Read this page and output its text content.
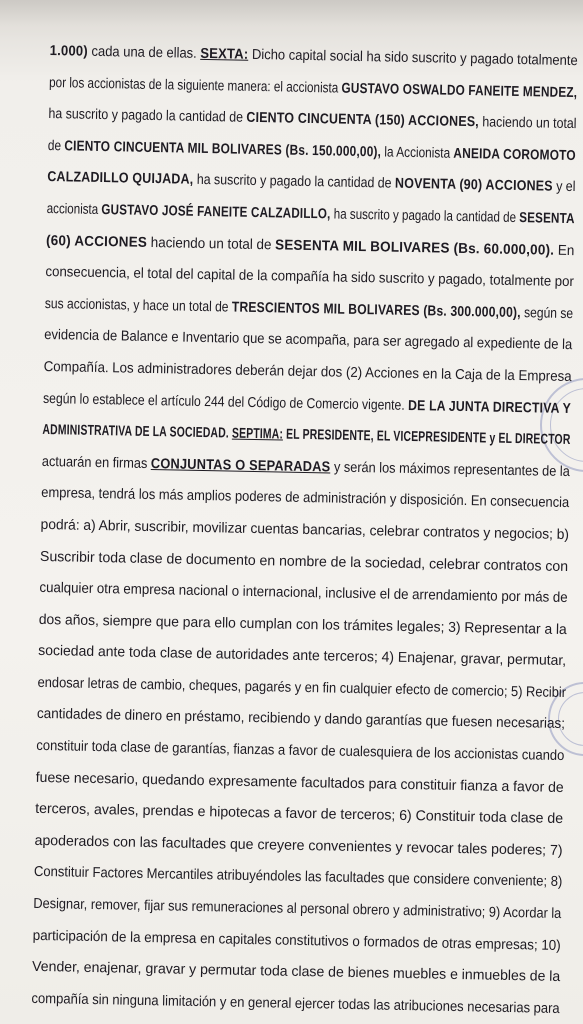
1.000) cada una de ellas. SEXTA: Dicho capital social ha sido suscrito y pagado totalmente
por los accionistas de la siguiente manera: el accionista GUSTAVO OSWALDO FANEITE MENDEZ,
ha suscrito y pagado la cantidad de CIENTO CINCUENTA (150) ACCIONES, haciendo un total
de CIENTO CINCUENTA MIL BOLIVARES (Bs. 150.000,00), la Accionista ANEIDA COROMOTO
CALZADILLO QUIJADA, ha suscrito y pagado la cantidad de NOVENTA (90) ACCIONES y el
accionista GUSTAVO JOSÉ FANEITE CALZADILLO, ha suscrito y pagado la cantidad de SESENTA
(60) ACCIONES haciendo un total de SESENTA MIL BOLIVARES (Bs. 60.000,00). En
consecuencia, el total del capital de la compañía ha sido suscrito y pagado, totalmente por
sus accionistas, y hace un total de TRESCIENTOS MIL BOLIVARES (Bs. 300.000,00), según se
evidencia de Balance e Inventario que se acompaña, para ser agregado al expediente de la
Compañía. Los administradores deberán dejar dos (2) Acciones en la Caja de la Empresa
según lo establece el artículo 244 del Código de Comercio vigente. DE LA JUNTA DIRECTIVA Y
ADMINISTRATIVA DE LA SOCIEDAD. SEPTIMA: EL PRESIDENTE, EL VICEPRESIDENTE y EL DIRECTOR
actuarán en firmas CONJUNTAS O SEPARADAS y serán los máximos representantes de la
empresa, tendrá los más amplios poderes de administración y disposición. En consecuencia
podrá: a) Abrir, suscribir, movilizar cuentas bancarias, celebrar contratos y negocios; b)
Suscribir toda clase de documento en nombre de la sociedad, celebrar contratos con
cualquier otra empresa nacional o internacional, inclusive el de arrendamiento por más de
dos años, siempre que para ello cumplan con los trámites legales; 3) Representar a la
sociedad ante toda clase de autoridades ante terceros; 4) Enajenar, gravar, permutar,
endosar letras de cambio, cheques, pagarés y en fin cualquier efecto de comercio; 5) Recibir
cantidades de dinero en préstamo, recibiendo y dando garantías que fuesen necesarias;
constituir toda clase de garantías, fianzas a favor de cualesquiera de los accionistas cuando
fuese necesario, quedando expresamente facultados para constituir fianza a favor de
terceros, avales, prendas e hipotecas a favor de terceros; 6) Constituir toda clase de
apoderados con las facultades que creyere convenientes y revocar tales poderes; 7)
Constituir Factores Mercantiles atribuyéndoles las facultades que considere conveniente; 8)
Designar, remover, fijar sus remuneraciones al personal obrero y administrativo; 9) Acordar la
participación de la empresa en capitales constitutivos o formados de otras empresas; 10)
Vender, enajenar, gravar y permutar toda clase de bienes muebles e inmuebles de la
compañía sin ninguna limitación y en general ejercer todas las atribuciones necesarias para
